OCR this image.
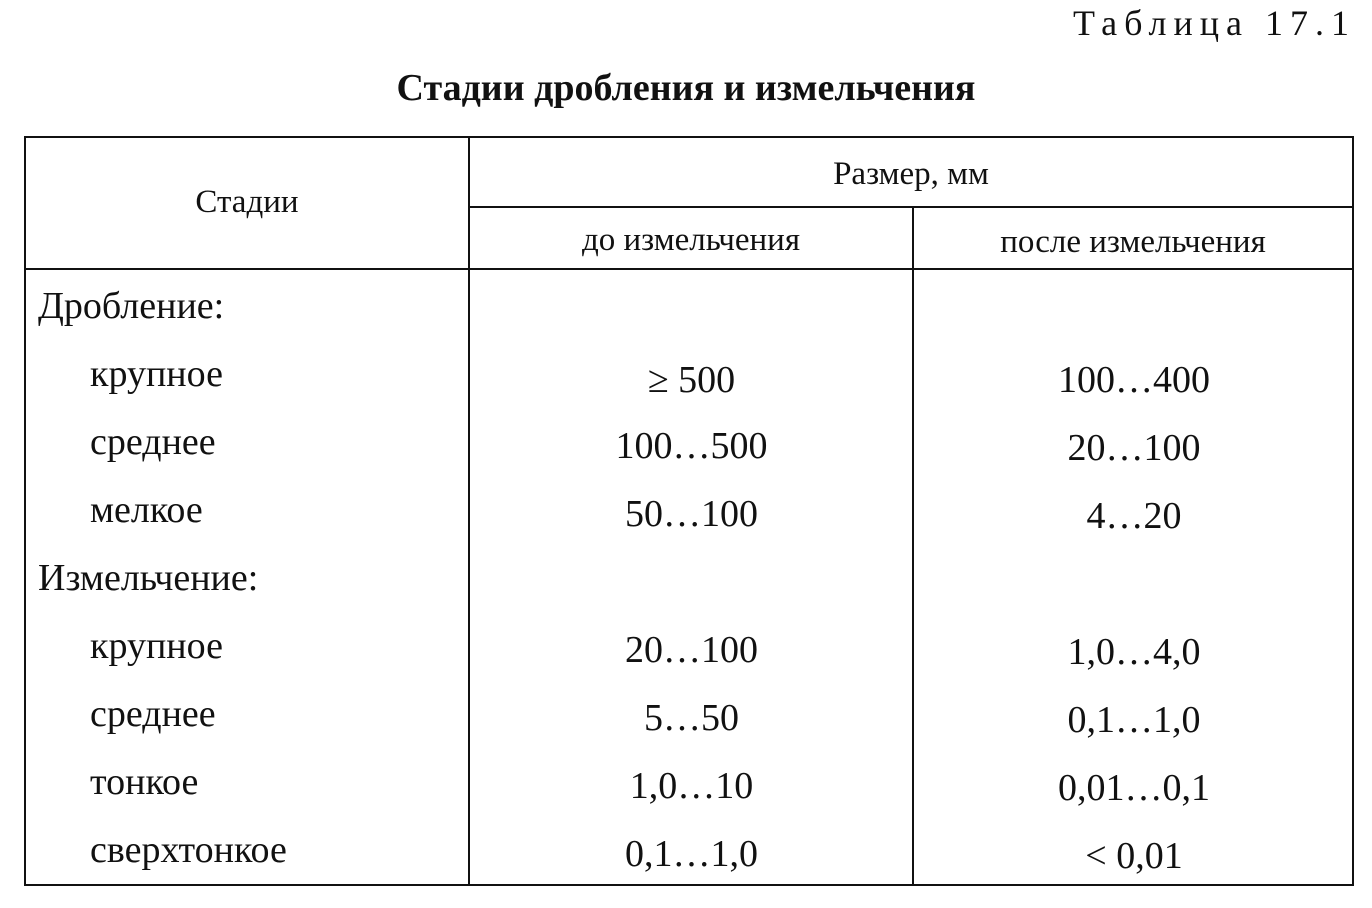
Таблица 17.1
Стадии дробления и измельчения
Стадии
Размер, мм
до измельчения	после измельчения
Дробление:
крупное	≥ 500	100…400
среднее	100…500	20…100
мелкое	50…100	4…20
Измельчение:
крупное	20…100	1,0…4,0
среднее	5…50	0,1…1,0
тонкое	1,0…10	0,01…0,1
сверхтонкое	0,1…1,0	< 0,01
